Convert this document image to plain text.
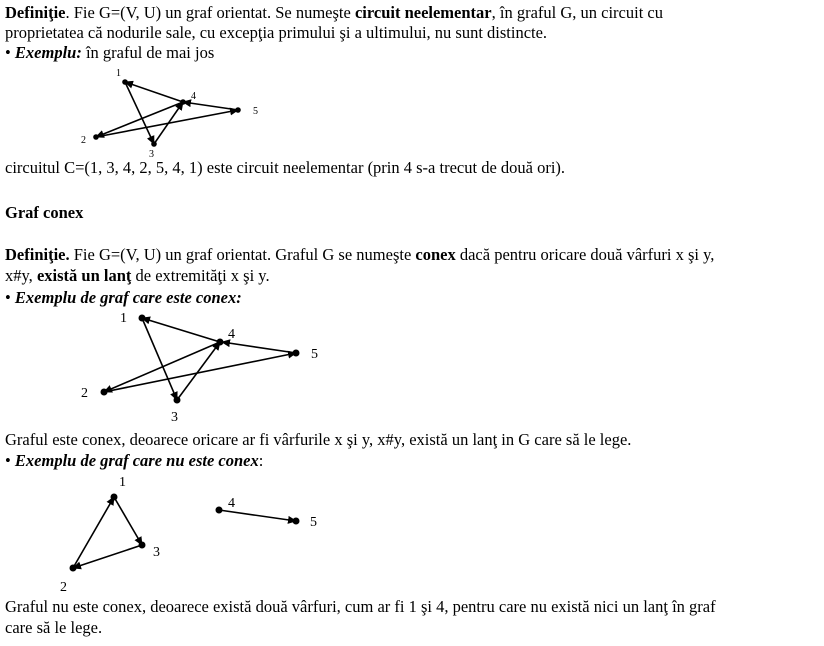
Definiţie. Fie G=(V, U) un graf orientat. Se numeşte circuit neelementar, în graful G, un circuit cu
proprietatea că nodurile sale, cu excepţia primului şi a ultimului, nu sunt distincte.
• Exemplu: în graful de mai jos
circuitul C=(1, 3, 4, 2, 5, 4, 1) este circuit neelementar (prin 4 s-a trecut de două ori).
Graf conex
Definiţie. Fie G=(V, U) un graf orientat. Graful G se numeşte conex dacă pentru oricare două vârfuri x şi y,
x#y, există un lanţ de extremităţi x şi y.
• Exemplu de graf care este conex:
Graful este conex, deoarece oricare ar fi vârfurile x şi y, x#y, există un lanţ in G care să le lege.
• Exemplu de graf care nu este conex:
Graful nu este conex, deoarece există două vârfuri, cum ar fi 1 şi 4, pentru care nu există nici un lanţ în graf
care să le lege.
1
2
3
4
5
1
2
3
4
5
1
2
3
4
5
